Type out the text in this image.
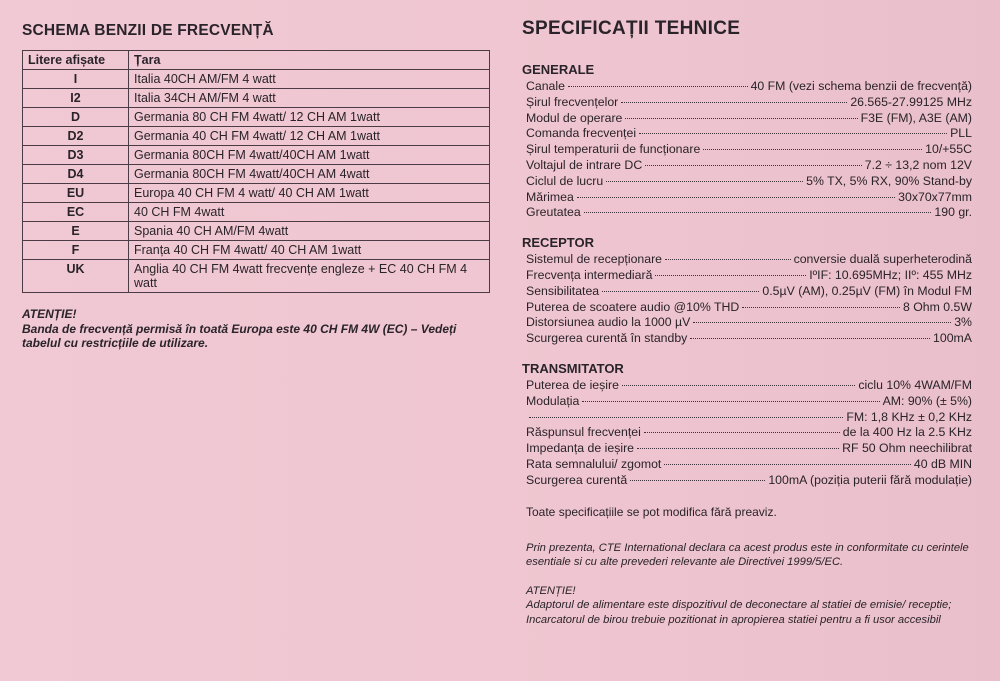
SCHEMA BENZII DE FRECVENȚĂ
Litere afișate	Țara
I	Italia 40CH AM/FM 4 watt
I2	Italia 34CH AM/FM 4 watt
D	Germania 80 CH FM 4watt/ 12 CH AM 1watt
D2	Germania 40 CH FM 4watt/ 12 CH AM 1watt
D3	Germania 80CH FM 4watt/40CH AM 1watt
D4	Germania 80CH FM 4watt/40CH AM 4watt
EU	Europa 40 CH FM 4 watt/ 40 CH AM 1watt
EC	40 CH FM 4watt
E	Spania 40 CH AM/FM 4watt
F	Franța 40 CH FM 4watt/ 40 CH AM 1watt
UK	Anglia 40 CH FM 4watt frecvențe engleze + EC 40 CH FM 4 watt
ATENȚIE!
Banda de frecvență permisă în toată Europa este 40 CH FM 4W (EC) – Vedeți tabelul cu restricțiile de utilizare.
SPECIFICAȚII TEHNICE
GENERALE
Canale	40 FM (vezi schema benzii de frecvență)
Șirul frecvențelor	26.565-27.99125 MHz
Modul de operare	F3E (FM), A3E (AM)
Comanda frecvenței	PLL
Șirul temperaturii de funcționare	10/+55C
Voltajul de intrare DC	7.2 ÷ 13,2 nom 12V
Ciclul de lucru	5% TX, 5% RX, 90% Stand-by
Mărimea	30x70x77mm
Greutatea	190 gr.
RECEPTOR
Sistemul de recepționare	conversie duală superheterodină
Frecvența intermediară	IºIF: 10.695MHz; IIº: 455 MHz
Sensibilitatea	0.5µV (AM), 0.25µV (FM) în Modul FM
Puterea de scoatere audio @10% THD	8 Ohm 0.5W
Distorsiunea audio la 1000 µV	3%
Scurgerea curentă în standby	100mA
TRANSMITATOR
Puterea de ieșire	ciclu 10% 4WAM/FM
Modulația	AM: 90% (± 5%)
FM: 1,8 KHz ± 0,2 KHz
Răspunsul frecvenței	de la 400 Hz la 2.5 KHz
Impedanța de ieșire	RF 50 Ohm neechilibrat
Rata semnalului/ zgomot	40 dB MIN
Scurgerea curentă	100mA (poziția puterii fără modulație)
Toate specificațiile se pot modifica fără preaviz.
Prin prezenta, CTE International declara ca acest produs este in conformitate cu cerintele esentiale si cu alte prevederi relevante ale Directivei 1999/5/EC.
ATENȚIE!
Adaptorul de alimentare este dispozitivul de deconectare al statiei de emisie/ receptie; Incarcatorul de birou trebuie pozitionat in apropierea statiei pentru a fi usor accesibil
